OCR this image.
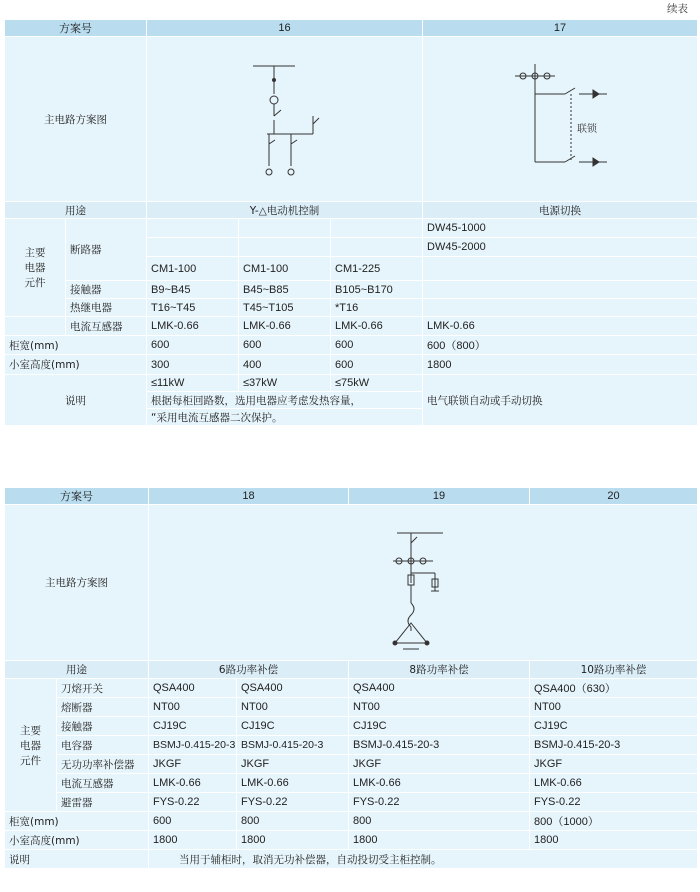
续表
方案号		16			17
主电路方案图					联锁

用途		Y-△电动机控制			电源切换
主要
电器
元件	断路器				DW45-1000
					DW45-2000
		CM1-100	CM1-100	CM1-225	
	接触器	B9~B45	B45~B85	B105~B170	
	热继电器	T16~T45	T45~T105	*T16	
	电流互感器	LMK-0.66	LMK-0.66	LMK-0.66	LMK-0.66
柜宽(mm)		600	600	600	600（800）
小室高度(mm)		300	400	600	1800
说明		≤11kW	≤37kW	≤75kW	电气联锁自动或手动切换
		根据每柜回路数，选用电器应考虑发热容量，			
		“采用电流互感器二次保护。			
方案号		18		19	20
主电路方案图	

用途		6路功率补偿		8路功率补偿	10路功率补偿
主要
电器
元件	刀熔开关	QSA400	QSA400	QSA400	QSA400（630）
	熔断器	NT00	NT00	NT00	NT00
	接触器	CJ19C	CJ19C	CJ19C	CJ19C
	电容器	BSMJ-0.415-20-3	BSMJ-0.415-20-3	BSMJ-0.415-20-3	BSMJ-0.415-20-3
	无功功率补偿器	JKGF	JKGF	JKGF	JKGF
	电流互感器	LMK-0.66	LMK-0.66	LMK-0.66	LMK-0.66
	避雷器	FYS-0.22	FYS-0.22	FYS-0.22	FYS-0.22
柜宽(mm)		600	800	800	800（1000）
小室高度(mm)		1800	1800	1800	1800
说明		当用于辅柜时，取消无功补偿器，自动投切受主柜控制。			
